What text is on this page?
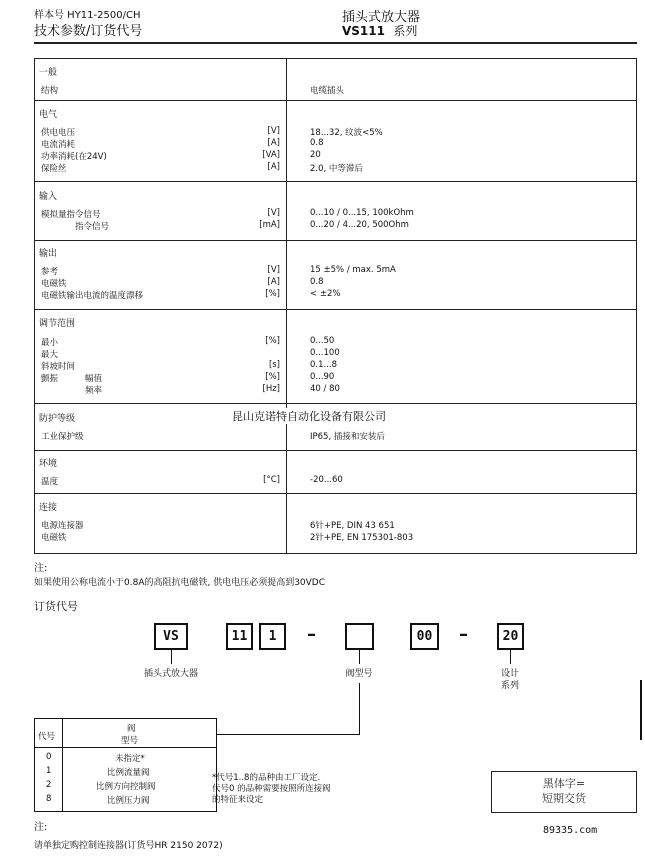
样本号 HY11-2500/CH
技术参数/订货代号
插头式放大器
VS111 系列
一般
结构	电缆插头
电气
供电电压	[V]	18...32, 纹波<5%
电流消耗	[A]	0.8
功率消耗(在24V)	[VA]	20
保险丝	[A]	2.0, 中等滞后
输入
模拟量指令信号	[V]	0...10 / 0...15, 100kOhm
指令信号	[mA]	0...20 / 4...20, 500Ohm
输出
参考	[V]	15 ±5% / max. 5mA
电磁铁	[A]	0.8
电磁铁输出电流的温度漂移	[%]	< ±2%
调节范围
最小	[%]	0...50
最大	0...100
斜坡时间	[s]	0.1...8
颤振	幅值	[%]	0...90
频率	[Hz]	40 / 80
防护等级
工业保护级	IP65, 插接和安装后
环境
温度	[°C]	-20...60
连接
电源连接器	6针+PE, DIN 43 651
电磁铁	2针+PE, EN 175301-803
昆山克诺特自动化设备有限公司
注:
如果使用公称电流小于0.8A的高阻抗电磁铁, 供电电压必须提高到30VDC
订货代号
VS	11	1	–	00	–	20
插头式放大器	阀型号	设计
系列
代号
阀
型号
0	未指定*
1	比例流量阀
2	比例方向控制阀
8	比例压力阀
*代号1..8的品种由工厂设定.
代号0 的品种需要按照所连接阀
的特征来设定
黑体字=
短期交货
注:
请单独定购控制连接器(订货号HR 2150 2072)
89335.com
